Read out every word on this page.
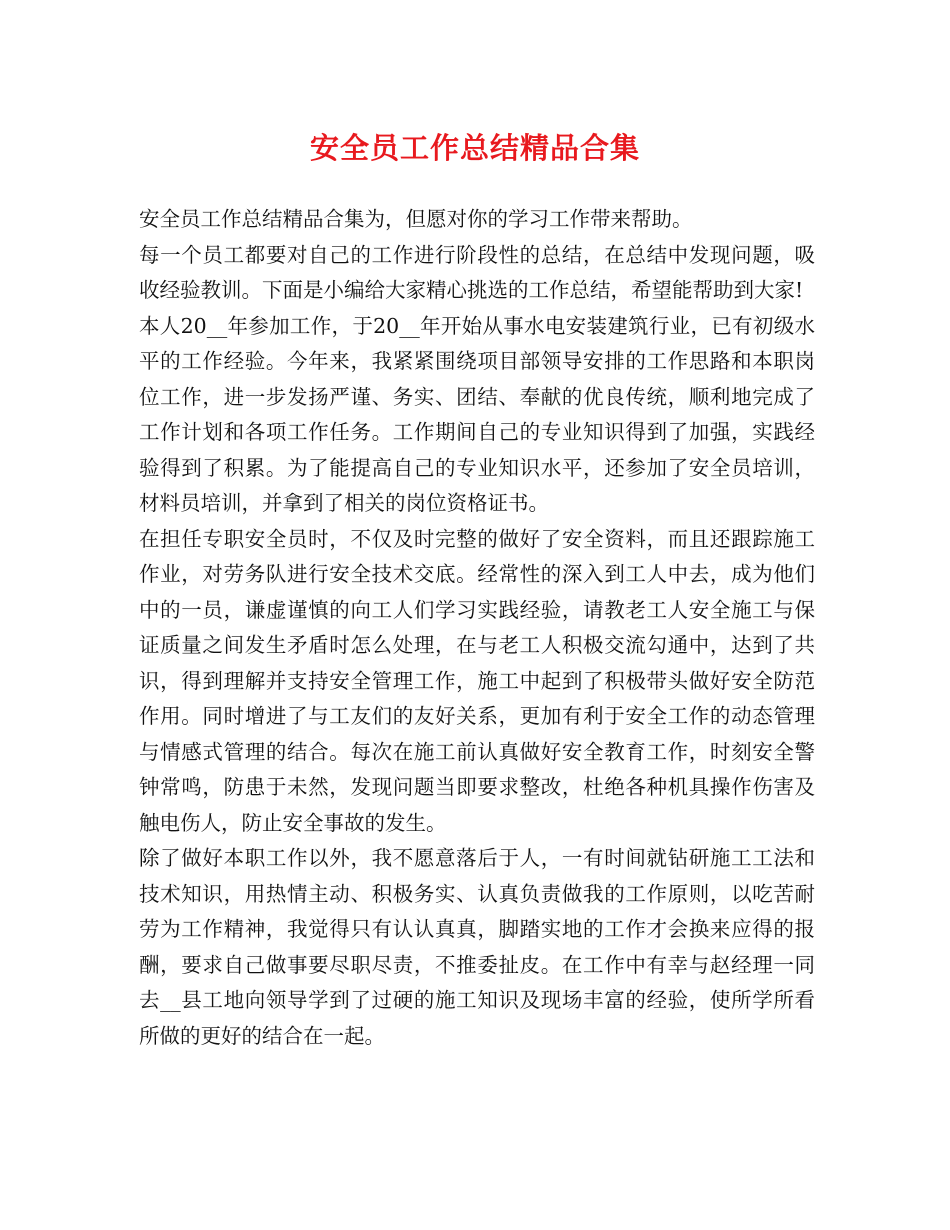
安全员工作总结精品合集

安全员工作总结精品合集为，但愿对你的学习工作带来帮助。

每一个员工都要对自己的工作进行阶段性的总结，在总结中发现问题，吸收经验教训。下面是小编给大家精心挑选的工作总结，希望能帮助到大家!

本人20__年参加工作，于20__年开始从事水电安装建筑行业，已有初级水平的工作经验。今年来，我紧紧围绕项目部领导安排的工作思路和本职岗位工作，进一步发扬严谨、务实、团结、奉献的优良传统，顺利地完成了工作计划和各项工作任务。工作期间自己的专业知识得到了加强，实践经验得到了积累。为了能提高自己的专业知识水平，还参加了安全员培训，材料员培训，并拿到了相关的岗位资格证书。

在担任专职安全员时，不仅及时完整的做好了安全资料，而且还跟踪施工作业，对劳务队进行安全技术交底。经常性的深入到工人中去，成为他们中的一员，谦虚谨慎的向工人们学习实践经验，请教老工人安全施工与保证质量之间发生矛盾时怎么处理，在与老工人积极交流勾通中，达到了共识，得到理解并支持安全管理工作，施工中起到了积极带头做好安全防范作用。同时增进了与工友们的友好关系，更加有利于安全工作的动态管理与情感式管理的结合。每次在施工前认真做好安全教育工作，时刻安全警钟常鸣，防患于未然，发现问题当即要求整改，杜绝各种机具操作伤害及触电伤人，防止安全事故的发生。

除了做好本职工作以外，我不愿意落后于人，一有时间就钻研施工工法和技术知识，用热情主动、积极务实、认真负责做我的工作原则，以吃苦耐劳为工作精神，我觉得只有认认真真，脚踏实地的工作才会换来应得的报酬，要求自己做事要尽职尽责，不推委扯皮。在工作中有幸与赵经理一同去__县工地向领导学到了过硬的施工知识及现场丰富的经验，使所学所看所做的更好的结合在一起。
